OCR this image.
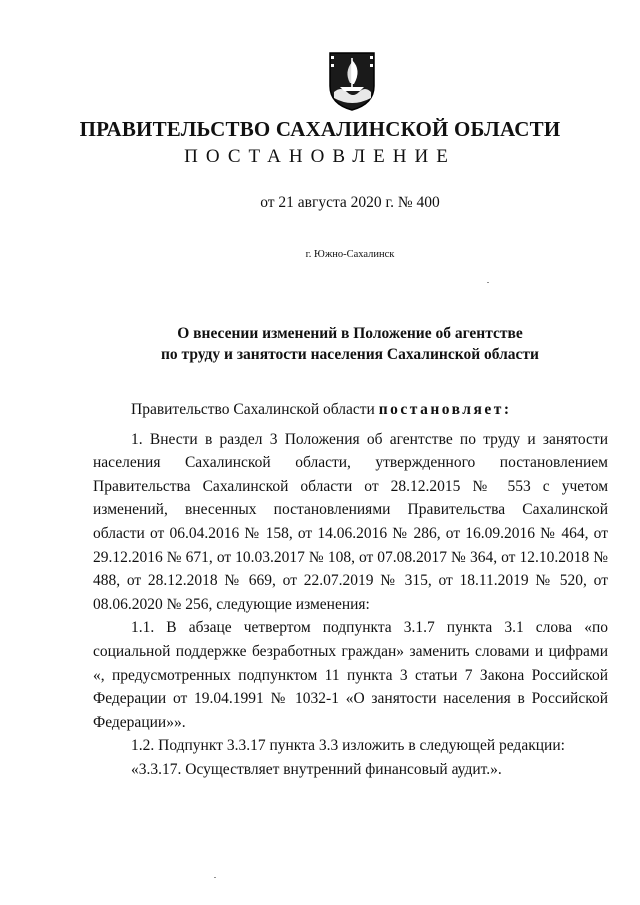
ПРАВИТЕЛЬСТВО САХАЛИНСКОЙ ОБЛАСТИ
ПОСТАНОВЛЕНИЕ
от 21 августа 2020 г. № 400
г. Южно-Сахалинск
О внесении изменений в Положение об агентстве
по труду и занятости населения Сахалинской области
Правительство Сахалинской области постановляет:
1. Внести в раздел 3 Положения об агентстве по труду и занятости населения Сахалинской области, утвержденного постановлением Правительства Сахалинской области от 28.12.2015 № 553 с учетом изменений, внесенных постановлениями Правительства Сахалинской области от 06.04.2016 № 158, от 14.06.2016 № 286, от 16.09.2016 № 464, от 29.12.2016 № 671, от 10.03.2017 № 108, от 07.08.2017 № 364, от 12.10.2018 № 488, от 28.12.2018 № 669, от 22.07.2019 № 315, от 18.11.2019 № 520, от 08.06.2020 № 256, следующие изменения:
1.1. В абзаце четвертом подпункта 3.1.7 пункта 3.1 слова «по социальной поддержке безработных граждан» заменить словами и цифрами «, предусмотренных подпунктом 11 пункта 3 статьи 7 Закона Российской Федерации от 19.04.1991 № 1032-1 «О занятости населения в Российской Федерации»».
1.2. Подпункт 3.3.17 пункта 3.3 изложить в следующей редакции:
«3.3.17. Осуществляет внутренний финансовый аудит.».
